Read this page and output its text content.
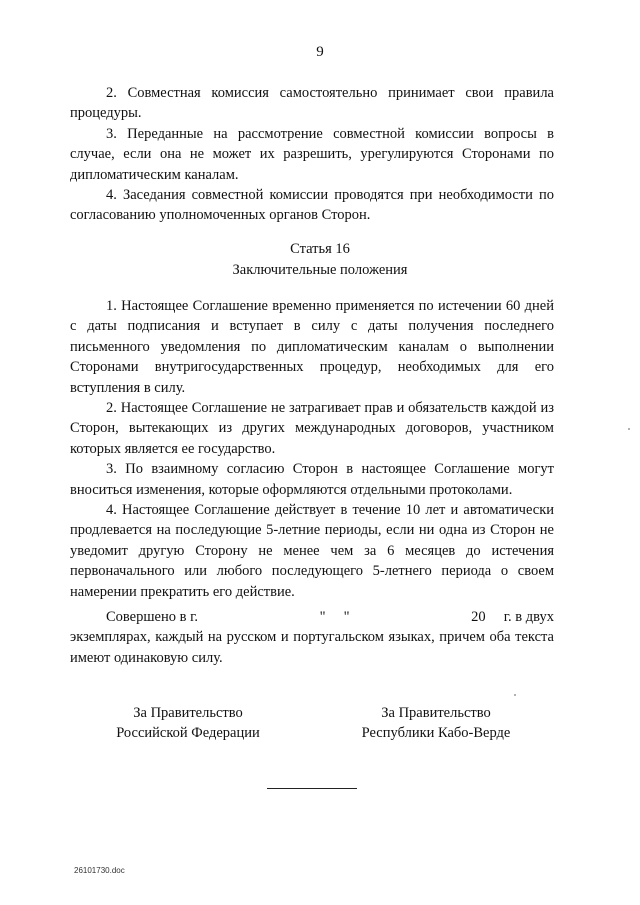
9

2. Совместная комиссия самостоятельно принимает свои правила процедуры.

3. Переданные на рассмотрение совместной комиссии вопросы в случае, если она не может их разрешить, урегулируются Сторонами по дипломатическим каналам.

4. Заседания совместной комиссии проводятся при необходимости по согласованию уполномоченных органов Сторон.

Статья 16
Заключительные положения

1. Настоящее Соглашение временно применяется по истечении 60 дней с даты подписания и вступает в силу с даты получения последнего письменного уведомления по дипломатическим каналам о выполнении Сторонами внутригосударственных процедур, необходимых для его вступления в силу.

2. Настоящее Соглашение не затрагивает прав и обязательств каждой из Сторон, вытекающих из других международных договоров, участником которых является ее государство.

3. По взаимному согласию Сторон в настоящее Соглашение могут вноситься изменения, которые оформляются отдельными протоколами.

4. Настоящее Соглашение действует в течение 10 лет и автоматически продлевается на последующие 5-летние периоды, если ни одна из Сторон не уведомит другую Сторону не менее чем за 6 месяцев до истечения первоначального или любого последующего 5-летнего периода о своем намерении прекратить его действие.

Совершено в г.	"     "	20     г. в двух

экземплярах, каждый на русском и португальском языках, причем оба текста имеют одинаковую силу.

За Правительство
Российской Федерации
За Правительство
Республики Кабо-Верде
26101730.doc
